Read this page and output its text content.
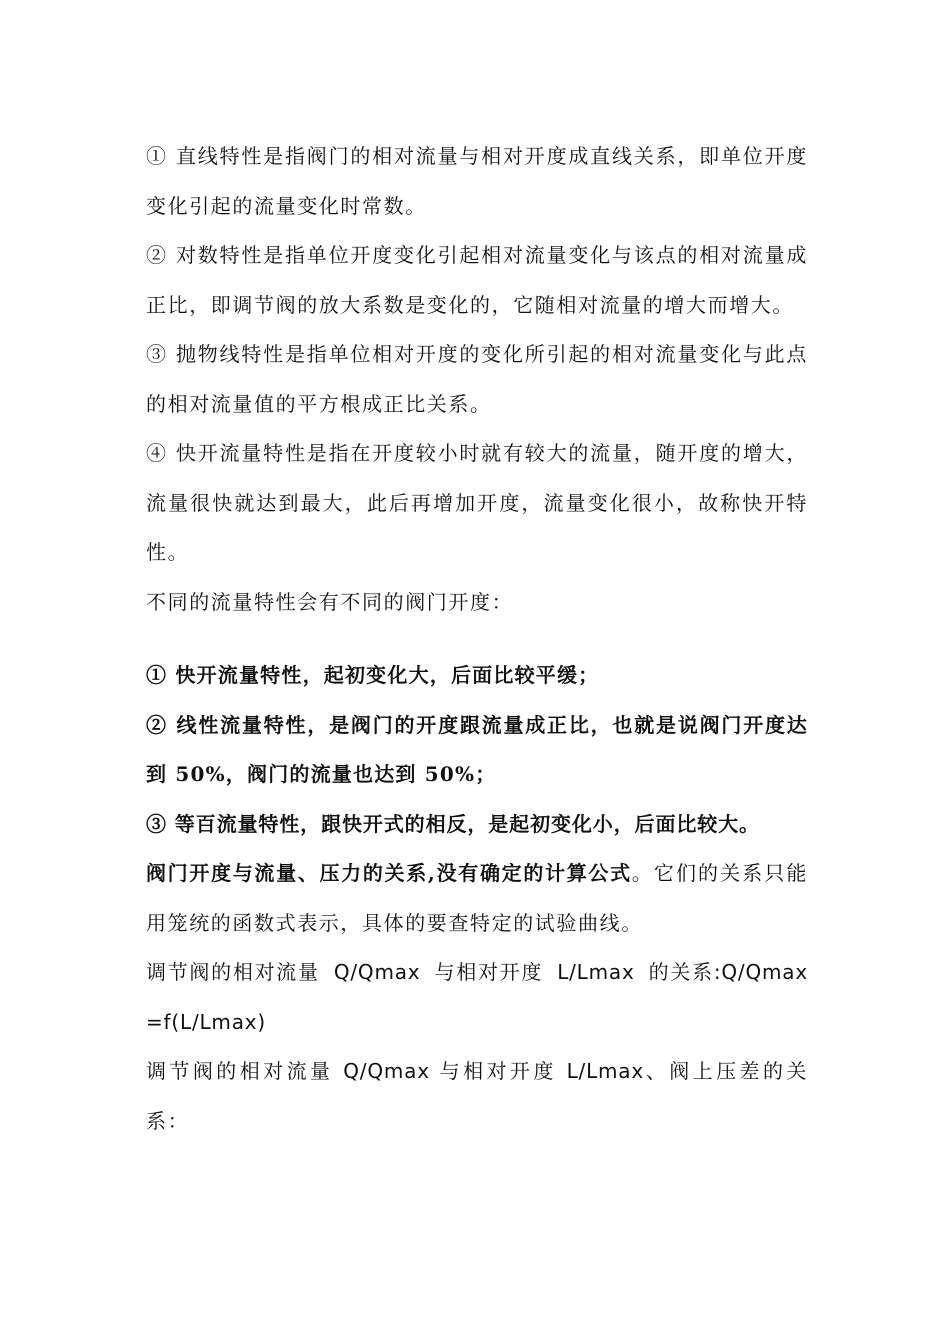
① 直线特性是指阀门的相对流量与相对开度成直线关系，即单位开度变化引起的流量变化时常数。

② 对数特性是指单位开度变化引起相对流量变化与该点的相对流量成正比，即调节阀的放大系数是变化的，它随相对流量的增大而增大。

③ 抛物线特性是指单位相对开度的变化所引起的相对流量变化与此点的相对流量值的平方根成正比关系。

④ 快开流量特性是指在开度较小时就有较大的流量，随开度的增大，流量很快就达到最大，此后再增加开度，流量变化很小，故称快开特性。

不同的流量特性会有不同的阀门开度：

① 快开流量特性，起初变化大，后面比较平缓；

② 线性流量特性，是阀门的开度跟流量成正比，也就是说阀门开度达到 50%，阀门的流量也达到 50%；

③ 等百流量特性，跟快开式的相反，是起初变化小，后面比较大。

阀门开度与流量、压力的关系,没有确定的计算公式。它们的关系只能用笼统的函数式表示，具体的要查特定的试验曲线。

调节阀的相对流量 Q/Qmax 与相对开度 L/Lmax 的关系:Q/Qmax=f(L/Lmax)

调节阀的相对流量 Q/Qmax 与相对开度 L/Lmax、阀上压差的关系：
